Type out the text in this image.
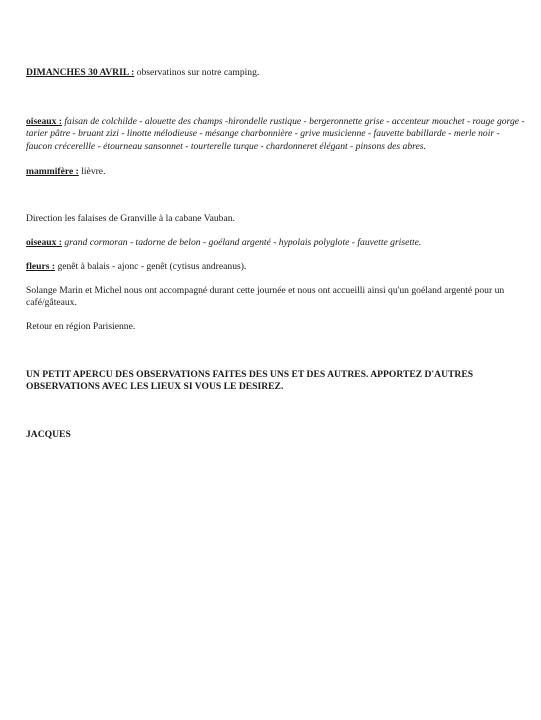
DIMANCHES 30 AVRIL : observatinos sur notre camping.

oiseaux : faisan de colchilde - alouette des champs -hirondelle rustique - bergeronnette grise - accenteur mouchet - rouge gorge - tarier pâtre - bruant zizi - linotte mélodieuse - mésange charbonnière - grive musicienne - fauvette babillarde - merle noir - faucon crécerellle - étourneau sansonnet - tourterelle turque - chardonneret élégant - pinsons des abres.

mammifère : lièvre.

Direction les falaises de Granville à la cabane Vauban.

oiseaux : grand cormoran - tadorne de belon - goéland argenté - hypolais polyglote - fauvette grisette.

fleurs : genêt à balais - ajonc - genêt (cytisus andreanus).

Solange Marin et Michel nous ont accompagné durant cette journée et nous ont accueilli ainsi qu'un goéland argenté pour un café/gâteaux.

Retour en région Parisienne.

UN PETIT APERCU DES OBSERVATIONS FAITES DES UNS ET DES AUTRES. APPORTEZ D'AUTRES OBSERVATIONS AVEC LES LIEUX SI VOUS LE DESIREZ.

JACQUES
